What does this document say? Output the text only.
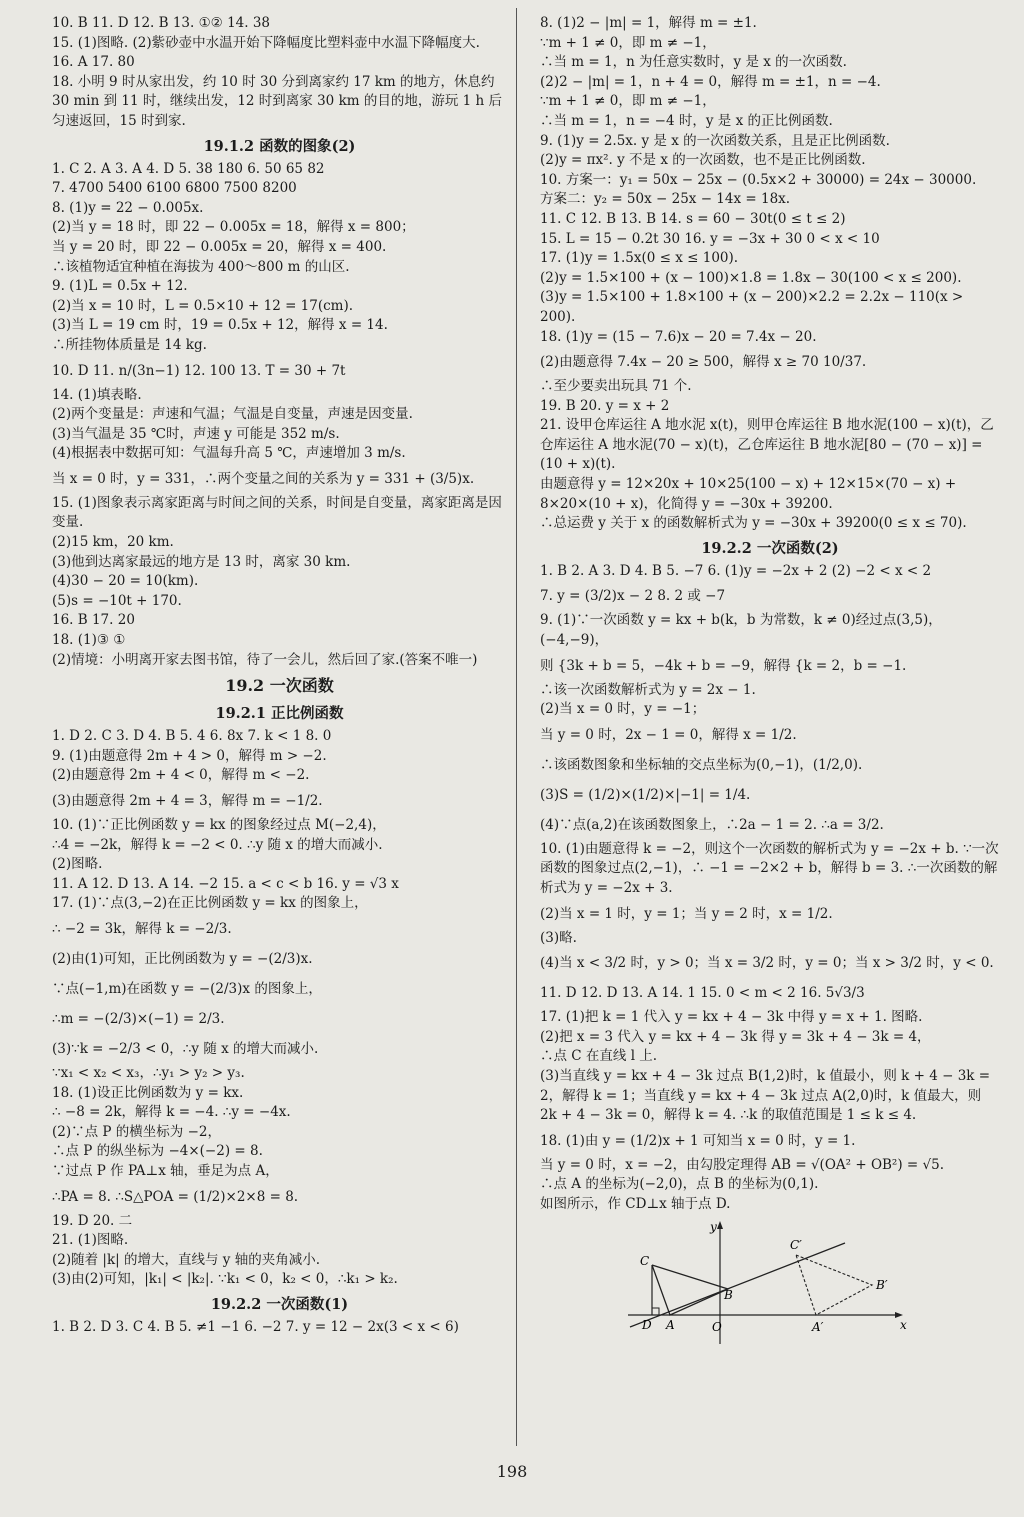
10. B 11. D 12. B 13. ①② 14. 38
15. (1)图略. (2)紫砂壶中水温开始下降幅度比塑料壶中水温下降幅度大.
16. A 17. 80
18. 小明 9 时从家出发，约 10 时 30 分到离家约 17 km 的地方，休息约 30 min 到 11 时，继续出发，12 时到离家 30 km 的目的地，游玩 1 h 后匀速返回，15 时到家.
19.1.2 函数的图象(2)
1. C 2. A 3. A 4. D 5. 38 180 6. 50 65 82
7. 4700 5400 6100 6800 7500 8200
8. (1)y = 22 − 0.005x.
(2)当 y = 18 时，即 22 − 0.005x = 18，解得 x = 800；
当 y = 20 时，即 22 − 0.005x = 20，解得 x = 400.
∴该植物适宜种植在海拔为 400～800 m 的山区.
9. (1)L = 0.5x + 12.
(2)当 x = 10 时，L = 0.5×10 + 12 = 17(cm).
(3)当 L = 19 cm 时，19 = 0.5x + 12，解得 x = 14.
∴所挂物体质量是 14 kg.
10. D 11. n/(3n−1) 12. 100 13. T = 30 + 7t
14. (1)填表略.
(2)两个变量是：声速和气温；气温是自变量，声速是因变量.
(3)当气温是 35 ℃时，声速 y 可能是 352 m/s.
(4)根据表中数据可知：气温每升高 5 ℃，声速增加 3 m/s.
当 x = 0 时，y = 331，∴两个变量之间的关系为 y = 331 + (3/5)x.
15. (1)图象表示离家距离与时间之间的关系，时间是自变量，离家距离是因变量.
(2)15 km，20 km.
(3)他到达离家最远的地方是 13 时，离家 30 km.
(4)30 − 20 = 10(km).
(5)s = −10t + 170.
16. B 17. 20
18. (1)③ ①
(2)情境：小明离开家去图书馆，待了一会儿，然后回了家.(答案不唯一)
19.2 一次函数
19.2.1 正比例函数
1. D 2. C 3. D 4. B 5. 4 6. 8x 7. k < 1 8. 0
9. (1)由题意得 2m + 4 > 0，解得 m > −2.
(2)由题意得 2m + 4 < 0，解得 m < −2.
(3)由题意得 2m + 4 = 3，解得 m = −1/2.
10. (1)∵正比例函数 y = kx 的图象经过点 M(−2,4)，
∴4 = −2k，解得 k = −2 < 0. ∴y 随 x 的增大而减小.
(2)图略.
11. A 12. D 13. A 14. −2 15. a < c < b 16. y = √3 x
17. (1)∵点(3,−2)在正比例函数 y = kx 的图象上，
∴ −2 = 3k，解得 k = −2/3.
(2)由(1)可知，正比例函数为 y = −(2/3)x.
∵点(−1,m)在函数 y = −(2/3)x 的图象上，
∴m = −(2/3)×(−1) = 2/3.
(3)∵k = −2/3 < 0，∴y 随 x 的增大而减小.
∵x₁ < x₂ < x₃，∴y₁ > y₂ > y₃.
18. (1)设正比例函数为 y = kx.
∴ −8 = 2k，解得 k = −4. ∴y = −4x.
(2)∵点 P 的横坐标为 −2，
∴点 P 的纵坐标为 −4×(−2) = 8.
∵过点 P 作 PA⊥x 轴，垂足为点 A，
∴PA = 8. ∴S△POA = (1/2)×2×8 = 8.
19. D 20. 二
21. (1)图略.
(2)随着 |k| 的增大，直线与 y 轴的夹角减小.
(3)由(2)可知，|k₁| < |k₂|. ∵k₁ < 0，k₂ < 0，∴k₁ > k₂.
19.2.2 一次函数(1)
1. B 2. D 3. C 4. B 5. ≠1 −1 6. −2 7. y = 12 − 2x(3 < x < 6)
8. (1)2 − |m| = 1，解得 m = ±1.
∵m + 1 ≠ 0，即 m ≠ −1，
∴当 m = 1，n 为任意实数时，y 是 x 的一次函数.
(2)2 − |m| = 1，n + 4 = 0，解得 m = ±1，n = −4.
∵m + 1 ≠ 0，即 m ≠ −1，
∴当 m = 1，n = −4 时，y 是 x 的正比例函数.
9. (1)y = 2.5x. y 是 x 的一次函数关系，且是正比例函数.
(2)y = πx². y 不是 x 的一次函数，也不是正比例函数.
10. 方案一：y₁ = 50x − 25x − (0.5x×2 + 30000) = 24x − 30000.
方案二：y₂ = 50x − 25x − 14x = 18x.
11. C 12. B 13. B 14. s = 60 − 30t(0 ≤ t ≤ 2)
15. L = 15 − 0.2t 30 16. y = −3x + 30 0 < x < 10
17. (1)y = 1.5x(0 ≤ x ≤ 100).
(2)y = 1.5×100 + (x − 100)×1.8 = 1.8x − 30(100 < x ≤ 200).
(3)y = 1.5×100 + 1.8×100 + (x − 200)×2.2 = 2.2x − 110(x > 200).
18. (1)y = (15 − 7.6)x − 20 = 7.4x − 20.
(2)由题意得 7.4x − 20 ≥ 500，解得 x ≥ 70 10/37.
∴至少要卖出玩具 71 个.
19. B 20. y = x + 2
21. 设甲仓库运往 A 地水泥 x(t)，则甲仓库运往 B 地水泥(100 − x)(t)，乙仓库运往 A 地水泥(70 − x)(t)，乙仓库运往 B 地水泥[80 − (70 − x)] = (10 + x)(t).
由题意得 y = 12×20x + 10×25(100 − x) + 12×15×(70 − x) + 8×20×(10 + x)，化简得 y = −30x + 39200.
∴总运费 y 关于 x 的函数解析式为 y = −30x + 39200(0 ≤ x ≤ 70).
19.2.2 一次函数(2)
1. B 2. A 3. D 4. B 5. −7 6. (1)y = −2x + 2 (2) −2 < x < 2
7. y = (3/2)x − 2 8. 2 或 −7
9. (1)∵一次函数 y = kx + b(k，b 为常数，k ≠ 0)经过点(3,5)，(−4,−9)，
则 {3k + b = 5，−4k + b = −9，解得 {k = 2，b = −1.
∴该一次函数解析式为 y = 2x − 1.
(2)当 x = 0 时，y = −1；
当 y = 0 时，2x − 1 = 0，解得 x = 1/2.
∴该函数图象和坐标轴的交点坐标为(0,−1)，(1/2,0).
(3)S = (1/2)×(1/2)×|−1| = 1/4.
(4)∵点(a,2)在该函数图象上，∴2a − 1 = 2. ∴a = 3/2.
10. (1)由题意得 k = −2，则这个一次函数的解析式为 y = −2x + b. ∵一次函数的图象过点(2,−1)，∴ −1 = −2×2 + b，解得 b = 3. ∴一次函数的解析式为 y = −2x + 3.
(2)当 x = 1 时，y = 1；当 y = 2 时，x = 1/2.
(3)略.
(4)当 x < 3/2 时，y > 0；当 x = 3/2 时，y = 0；当 x > 3/2 时，y < 0.
11. D 12. D 13. A 14. 1 15. 0 < m < 2 16. 5√3/3
17. (1)把 k = 1 代入 y = kx + 4 − 3k 中得 y = x + 1. 图略.
(2)把 x = 3 代入 y = kx + 4 − 3k 得 y = 3k + 4 − 3k = 4，
∴点 C 在直线 l 上.
(3)当直线 y = kx + 4 − 3k 过点 B(1,2)时，k 值最小，则 k + 4 − 3k = 2，解得 k = 1；当直线 y = kx + 4 − 3k 过点 A(2,0)时，k 值最大，则 2k + 4 − 3k = 0，解得 k = 4. ∴k 的取值范围是 1 ≤ k ≤ 4.
18. (1)由 y = (1/2)x + 1 可知当 x = 0 时，y = 1.
当 y = 0 时，x = −2，由勾股定理得 AB = √(OA² + OB²) = √5.
∴点 A 的坐标为(−2,0)，点 B 的坐标为(0,1).
如图所示，作 CD⊥x 轴于点 D.
y
x
C
C′
B
B′
D A	O	A′
198
